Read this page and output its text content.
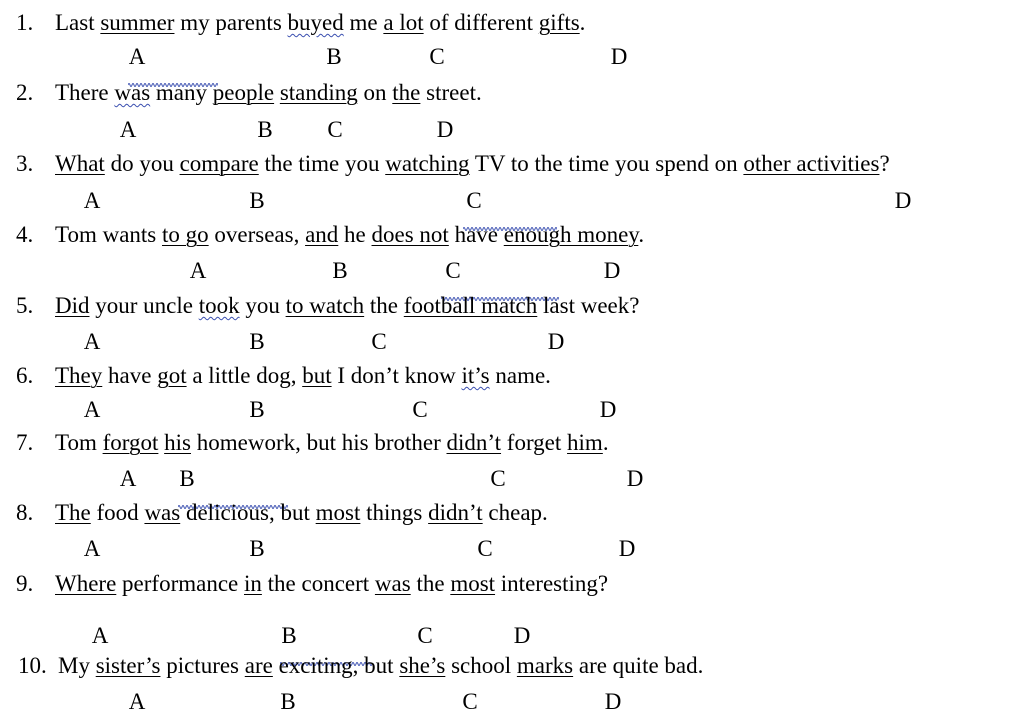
1. Last summer my parents buyed me a lot of different gifts.
A	B	C	D
2. There was many people standing on the street.
A	B C	D
3. What do you compare the time you watching TV to the time you spend on other activities?
A	B	C	D
4. Tom wants to go overseas, and he does not have enough money.
A	B	C	D
5. Did your uncle took you to watch the football match last week?
A	B	C	D
6. They have got a little dog, but I don’t know it’s name.
A	B	C	D
7. Tom forgot his homework, but his brother didn’t forget him.
A B	C	D
8. The food was delicious, but most things didn’t cheap.
A	B	C	D
9. Where performance in the concert was the most interesting?
A	B	C	D
10. My sister’s pictures are exciting, but she’s school marks are quite bad.
A	B	C	D
